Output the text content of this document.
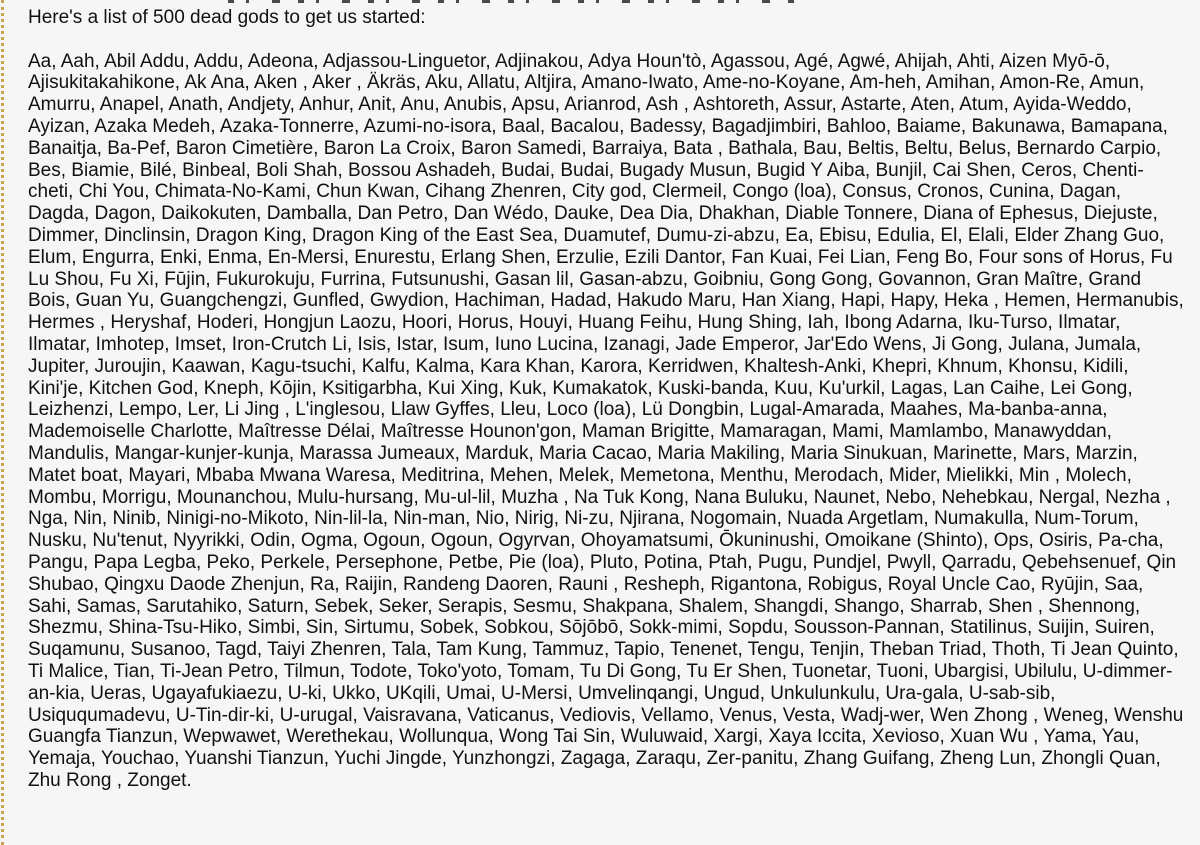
Here's a list of 500 dead gods to get us started:

Aa, Aah, Abil Addu, Addu, Adeona, Adjassou-Linguetor, Adjinakou, Adya Houn'tò, Agassou, Agé, Agwé, Ahijah, Ahti, Aizen Myō-ō, Ajisukitakahikone, Ak Ana, Aken , Aker , Äkräs, Aku, Allatu, Altjira, Amano-Iwato, Ame-no-Koyane, Am-heh, Amihan, Amon-Re, Amun, Amurru, Anapel, Anath, Andjety, Anhur, Anit, Anu, Anubis, Apsu, Arianrod, Ash , Ashtoreth, Assur, Astarte, Aten, Atum, Ayida-Weddo, Ayizan, Azaka Medeh, Azaka-Tonnerre, Azumi-no-isora, Baal, Bacalou, Badessy, Bagadjimbiri, Bahloo, Baiame, Bakunawa, Bamapana, Banaitja, Ba-Pef, Baron Cimetière, Baron La Croix, Baron Samedi, Barraiya, Bata , Bathala, Bau, Beltis, Beltu, Belus, Bernardo Carpio, Bes, Biamie, Bilé, Binbeal, Boli Shah, Bossou Ashadeh, Budai, Budai, Bugady Musun, Bugid Y Aiba, Bunjil, Cai Shen, Ceros, Chenti-cheti, Chi You, Chimata-No-Kami, Chun Kwan, Cihang Zhenren, City god, Clermeil, Congo (loa), Consus, Cronos, Cunina, Dagan, Dagda, Dagon, Daikokuten, Damballa, Dan Petro, Dan Wédo, Dauke, Dea Dia, Dhakhan, Diable Tonnere, Diana of Ephesus, Diejuste, Dimmer, Dinclinsin, Dragon King, Dragon King of the East Sea, Duamutef, Dumu-zi-abzu, Ea, Ebisu, Edulia, El, Elali, Elder Zhang Guo, Elum, Engurra, Enki, Enma, En-Mersi, Enurestu, Erlang Shen, Erzulie, Ezili Dantor, Fan Kuai, Fei Lian, Feng Bo, Four sons of Horus, Fu Lu Shou, Fu Xi, Fūjin, Fukurokuju, Furrina, Futsunushi, Gasan lil, Gasan-abzu, Goibniu, Gong Gong, Govannon, Gran Maître, Grand Bois, Guan Yu, Guangchengzi, Gunfled, Gwydion, Hachiman, Hadad, Hakudo Maru, Han Xiang, Hapi, Hapy, Heka , Hemen, Hermanubis, Hermes , Heryshaf, Hoderi, Hongjun Laozu, Hoori, Horus, Houyi, Huang Feihu, Hung Shing, Iah, Ibong Adarna, Iku-Turso, Ilmatar, Ilmatar, Imhotep, Imset, Iron-Crutch Li, Isis, Istar, Isum, Iuno Lucina, Izanagi, Jade Emperor, Jar'Edo Wens, Ji Gong, Julana, Jumala, Jupiter, Juroujin, Kaawan, Kagu-tsuchi, Kalfu, Kalma, Kara Khan, Karora, Kerridwen, Khaltesh-Anki, Khepri, Khnum, Khonsu, Kidili, Kini'je, Kitchen God, Kneph, Kōjin, Ksitigarbha, Kui Xing, Kuk, Kumakatok, Kuski-banda, Kuu, Ku'urkil, Lagas, Lan Caihe, Lei Gong, Leizhenzi, Lempo, Ler, Li Jing , L'inglesou, Llaw Gyffes, Lleu, Loco (loa), Lü Dongbin, Lugal-Amarada, Maahes, Ma-banba-anna, Mademoiselle Charlotte, Maîtresse Délai, Maîtresse Hounon'gon, Maman Brigitte, Mamaragan, Mami, Mamlambo, Manawyddan, Mandulis, Mangar-kunjer-kunja, Marassa Jumeaux, Marduk, Maria Cacao, Maria Makiling, Maria Sinukuan, Marinette, Mars, Marzin, Matet boat, Mayari, Mbaba Mwana Waresa, Meditrina, Mehen, Melek, Memetona, Menthu, Merodach, Mider, Mielikki, Min , Molech, Mombu, Morrigu, Mounanchou, Mulu-hursang, Mu-ul-lil, Muzha , Na Tuk Kong, Nana Buluku, Naunet, Nebo, Nehebkau, Nergal, Nezha , Nga, Nin, Ninib, Ninigi-no-Mikoto, Nin-lil-la, Nin-man, Nio, Nirig, Ni-zu, Njirana, Nogomain, Nuada Argetlam, Numakulla, Num-Torum, Nusku, Nu'tenut, Nyyrikki, Odin, Ogma, Ogoun, Ogoun, Ogyrvan, Ohoyamatsumi, Ōkuninushi, Omoikane (Shinto), Ops, Osiris, Pa-cha, Pangu, Papa Legba, Peko, Perkele, Persephone, Petbe, Pie (loa), Pluto, Potina, Ptah, Pugu, Pundjel, Pwyll, Qarradu, Qebehsenuef, Qin Shubao, Qingxu Daode Zhenjun, Ra, Raijin, Randeng Daoren, Rauni , Resheph, Rigantona, Robigus, Royal Uncle Cao, Ryūjin, Saa, Sahi, Samas, Sarutahiko, Saturn, Sebek, Seker, Serapis, Sesmu, Shakpana, Shalem, Shangdi, Shango, Sharrab, Shen , Shennong, Shezmu, Shina-Tsu-Hiko, Simbi, Sin, Sirtumu, Sobek, Sobkou, Sōjōbō, Sokk-mimi, Sopdu, Sousson-Pannan, Statilinus, Suijin, Suiren, Suqamunu, Susanoo, Tagd, Taiyi Zhenren, Tala, Tam Kung, Tammuz, Tapio, Tenenet, Tengu, Tenjin, Theban Triad, Thoth, Ti Jean Quinto, Ti Malice, Tian, Ti-Jean Petro, Tilmun, Todote, Toko'yoto, Tomam, Tu Di Gong, Tu Er Shen, Tuonetar, Tuoni, Ubargisi, Ubilulu, U-dimmer-an-kia, Ueras, Ugayafukiaezu, U-ki, Ukko, UKqili, Umai, U-Mersi, Umvelinqangi, Ungud, Unkulunkulu, Ura-gala, U-sab-sib, Usiququmadevu, U-Tin-dir-ki, U-urugal, Vaisravana, Vaticanus, Vediovis, Vellamo, Venus, Vesta, Wadj-wer, Wen Zhong , Weneg, Wenshu Guangfa Tianzun, Wepwawet, Werethekau, Wollunqua, Wong Tai Sin, Wuluwaid, Xargi, Xaya Iccita, Xevioso, Xuan Wu , Yama, Yau, Yemaja, Youchao, Yuanshi Tianzun, Yuchi Jingde, Yunzhongzi, Zagaga, Zaraqu, Zer-panitu, Zhang Guifang, Zheng Lun, Zhongli Quan, Zhu Rong , Zonget.
